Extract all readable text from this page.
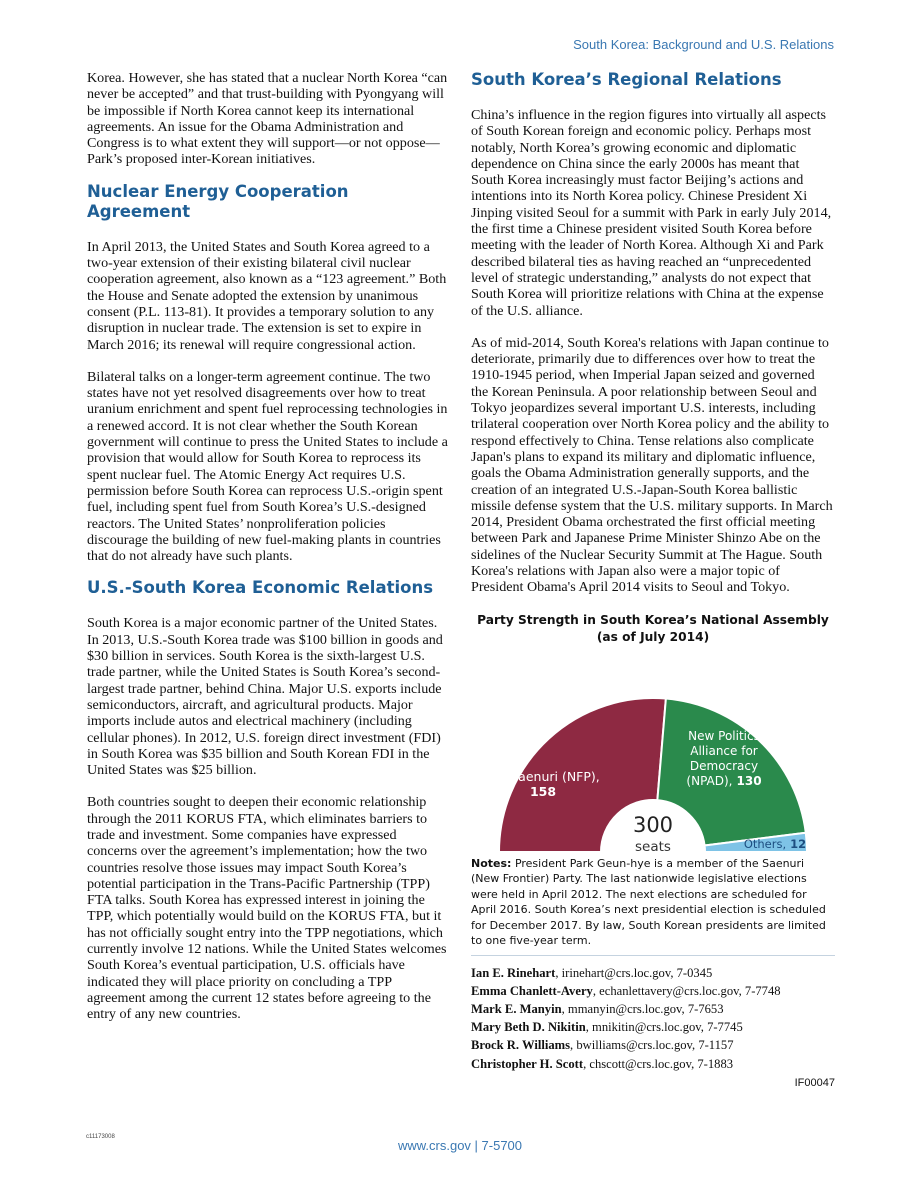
South Korea: Background and U.S. Relations

Korea. However, she has stated that a nuclear North Korea “can never be accepted” and that trust-building with Pyongyang will be impossible if North Korea cannot keep its international agreements. An issue for the Obama Administration and Congress is to what extent they will support—or not oppose—Park’s proposed inter-Korean initiatives.

Nuclear Energy Cooperation Agreement

In April 2013, the United States and South Korea agreed to a two-year extension of their existing bilateral civil nuclear cooperation agreement, also known as a “123 agreement.” Both the House and Senate adopted the extension by unanimous consent (P.L. 113-81). It provides a temporary solution to any disruption in nuclear trade. The extension is set to expire in March 2016; its renewal will require congressional action.

Bilateral talks on a longer-term agreement continue. The two states have not yet resolved disagreements over how to treat uranium enrichment and spent fuel reprocessing technologies in a renewed accord. It is not clear whether the South Korean government will continue to press the United States to include a provision that would allow for South Korea to reprocess its spent nuclear fuel. The Atomic Energy Act requires U.S. permission before South Korea can reprocess U.S.-origin spent fuel, including spent fuel from South Korea’s U.S.-designed reactors. The United States’ nonproliferation policies discourage the building of new fuel-making plants in countries that do not already have such plants.

U.S.-South Korea Economic Relations

South Korea is a major economic partner of the United States. In 2013, U.S.-South Korea trade was $100 billion in goods and $30 billion in services. South Korea is the sixth-largest U.S. trade partner, while the United States is South Korea’s second-largest trade partner, behind China. Major U.S. exports include semiconductors, aircraft, and agricultural products. Major imports include autos and electrical machinery (including cellular phones). In 2012, U.S. foreign direct investment (FDI) in South Korea was $35 billion and South Korean FDI in the United States was $25 billion.

Both countries sought to deepen their economic relationship through the 2011 KORUS FTA, which eliminates barriers to trade and investment. Some companies have expressed concerns over the agreement’s implementation; how the two countries resolve those issues may impact South Korea’s potential participation in the Trans-Pacific Partnership (TPP) FTA talks. South Korea has expressed interest in joining the TPP, which potentially would build on the KORUS FTA, but it has not officially sought entry into the TPP negotiations, which currently involve 12 nations. While the United States welcomes South Korea’s eventual participation, U.S. officials have indicated they will place priority on concluding a TPP agreement among the current 12 states before agreeing to the entry of any new countries.

South Korea’s Regional Relations

China’s influence in the region figures into virtually all aspects of South Korean foreign and economic policy. Perhaps most notably, North Korea’s growing economic and diplomatic dependence on China since the early 2000s has meant that South Korea increasingly must factor Beijing’s actions and intentions into its North Korea policy. Chinese President Xi Jinping visited Seoul for a summit with Park in early July 2014, the first time a Chinese president visited South Korea before meeting with the leader of North Korea. Although Xi and Park described bilateral ties as having reached an “unprecedented level of strategic understanding,” analysts do not expect that South Korea will prioritize relations with China at the expense of the U.S. alliance.

As of mid-2014, South Korea's relations with Japan continue to deteriorate, primarily due to differences over how to treat the 1910-1945 period, when Imperial Japan seized and governed the Korean Peninsula. A poor relationship between Seoul and Tokyo jeopardizes several important U.S. interests, including trilateral cooperation over North Korea policy and the ability to respond effectively to China. Tense relations also complicate Japan's plans to expand its military and diplomatic influence, goals the Obama Administration generally supports, and the creation of an integrated U.S.-Japan-South Korea ballistic missile defense system that the U.S. military supports. In March 2014, President Obama orchestrated the first official meeting between Park and Japanese Prime Minister Shinzo Abe on the sidelines of the Nuclear Security Summit at The Hague. South Korea's relations with Japan also were a major topic of President Obama's April 2014 visits to Seoul and Tokyo.

Party Strength in South Korea’s National Assembly
(as of July 2014)
Saenuri (NFP), 158
New Politics Alliance for Democracy (NPAD), 130
Others, 12
300
seats
Notes: President Park Geun-hye is a member of the Saenuri (New Frontier) Party. The last nationwide legislative elections were held in April 2012. The next elections are scheduled for April 2016. South Korea’s next presidential election is scheduled for December 2017. By law, South Korean presidents are limited to one five-year term.
Ian E. Rinehart, irinehart@crs.loc.gov, 7-0345
Emma Chanlett-Avery, echanlettavery@crs.loc.gov, 7-7748
Mark E. Manyin, mmanyin@crs.loc.gov, 7-7653
Mary Beth D. Nikitin, mnikitin@crs.loc.gov, 7-7745
Brock R. Williams, bwilliams@crs.loc.gov, 7-1157
Christopher H. Scott, chscott@crs.loc.gov, 7-1883
IF00047
c11173008
www.crs.gov | 7-5700
